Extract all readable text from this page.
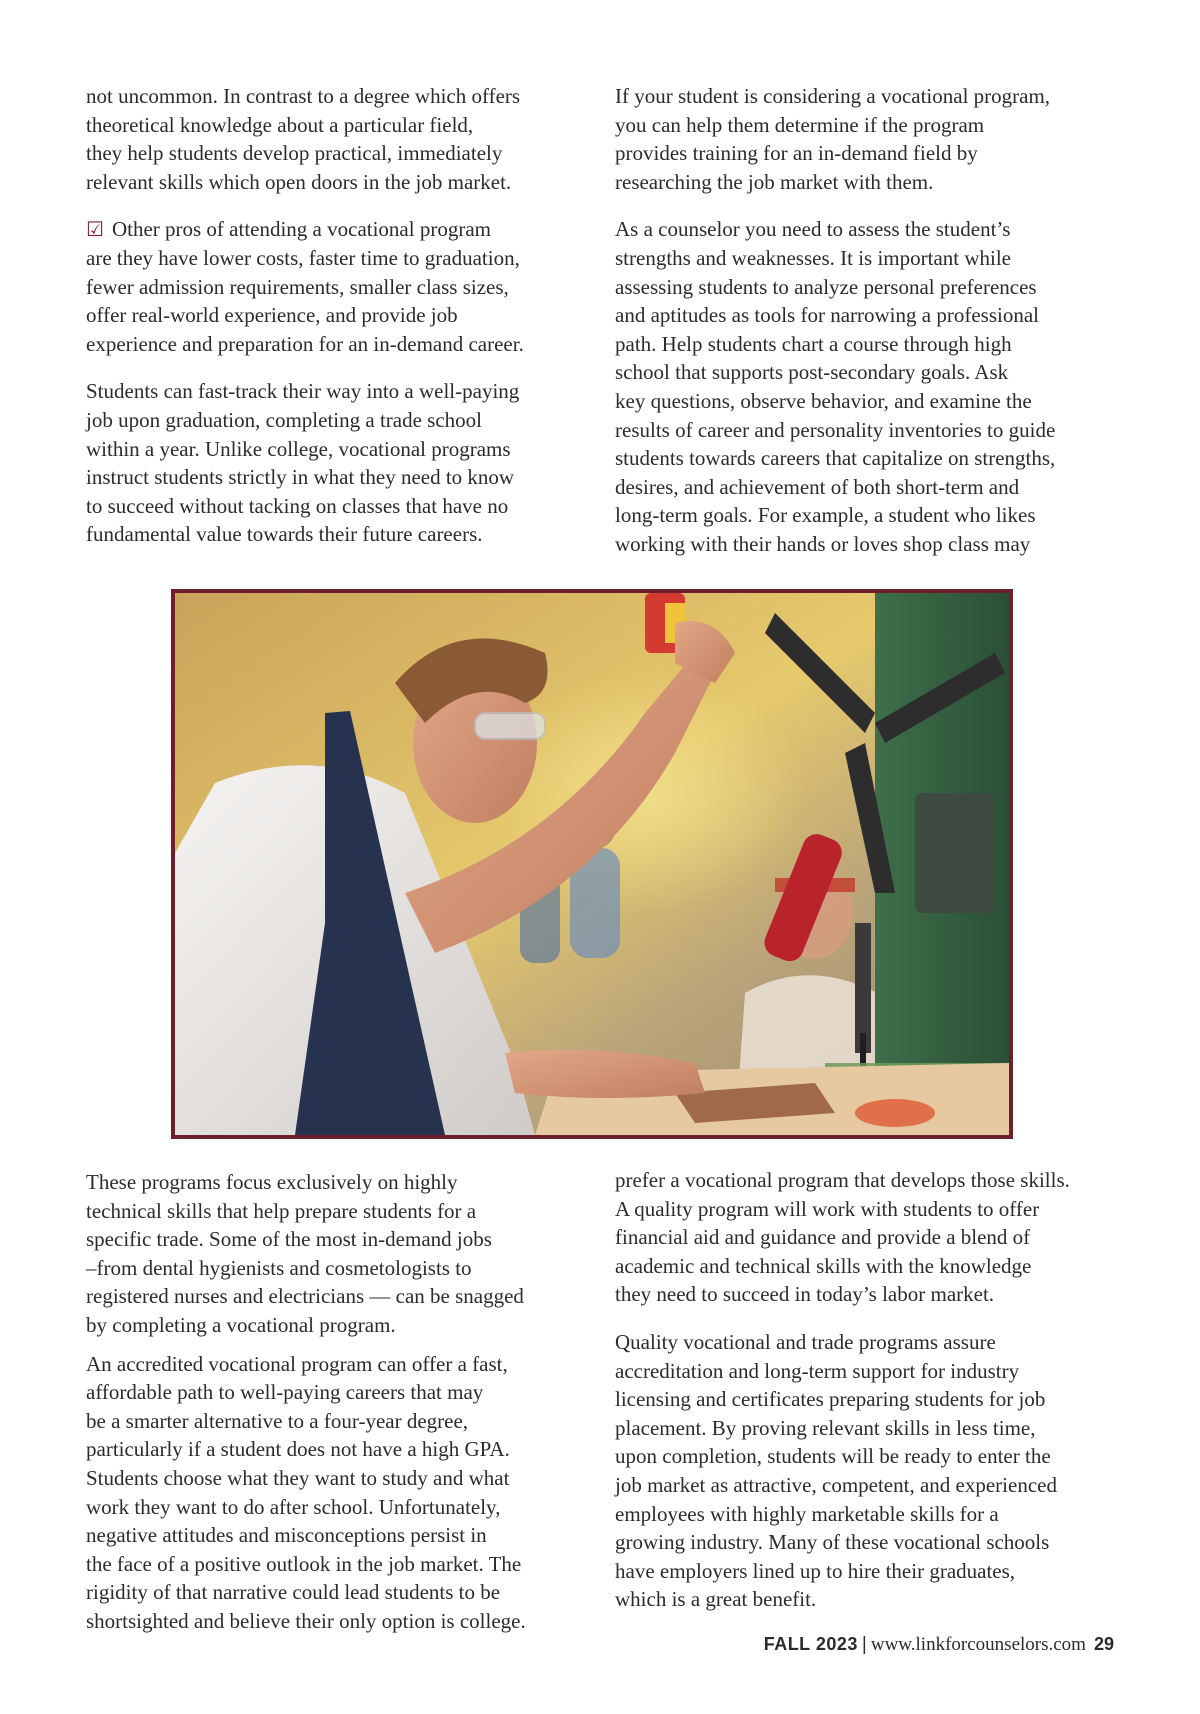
not uncommon. In contrast to a degree which offers
theoretical knowledge about a particular field,
they help students develop practical, immediately
relevant skills which open doors in the job market.

☑ Other pros of attending a vocational program
are they have lower costs, faster time to graduation,
fewer admission requirements, smaller class sizes,
offer real-world experience, and provide job
experience and preparation for an in-demand career.

Students can fast-track their way into a well-paying
job upon graduation, completing a trade school
within a year. Unlike college, vocational programs
instruct students strictly in what they need to know
to succeed without tacking on classes that have no
fundamental value towards their future careers.

If your student is considering a vocational program,
you can help them determine if the program
provides training for an in-demand field by
researching the job market with them.

As a counselor you need to assess the student’s
strengths and weaknesses. It is important while
assessing students to analyze personal preferences
and aptitudes as tools for narrowing a professional
path. Help students chart a course through high
school that supports post-secondary goals. Ask
key questions, observe behavior, and examine the
results of career and personality inventories to guide
students towards careers that capitalize on strengths,
desires, and achievement of both short-term and
long-term goals. For example, a student who likes
working with their hands or loves shop class may

These programs focus exclusively on highly
technical skills that help prepare students for a
specific trade. Some of the most in-demand jobs
–from dental hygienists and cosmetologists to
registered nurses and electricians — can be snagged
by completing a vocational program.

An accredited vocational program can offer a fast,
affordable path to well-paying careers that may
be a smarter alternative to a four-year degree,
particularly if a student does not have a high GPA.
Students choose what they want to study and what
work they want to do after school. Unfortunately,
negative attitudes and misconceptions persist in
the face of a positive outlook in the job market. The
rigidity of that narrative could lead students to be
shortsighted and believe their only option is college.

prefer a vocational program that develops those skills.
A quality program will work with students to offer
financial aid and guidance and provide a blend of
academic and technical skills with the knowledge
they need to succeed in today’s labor market.

Quality vocational and trade programs assure
accreditation and long-term support for industry
licensing and certificates preparing students for job
placement. By proving relevant skills in less time,
upon completion, students will be ready to enter the
job market as attractive, competent, and experienced
employees with highly marketable skills for a
growing industry. Many of these vocational schools
have employers lined up to hire their graduates,
which is a great benefit.

FALL 2023 | www.linkforcounselors.com 29
